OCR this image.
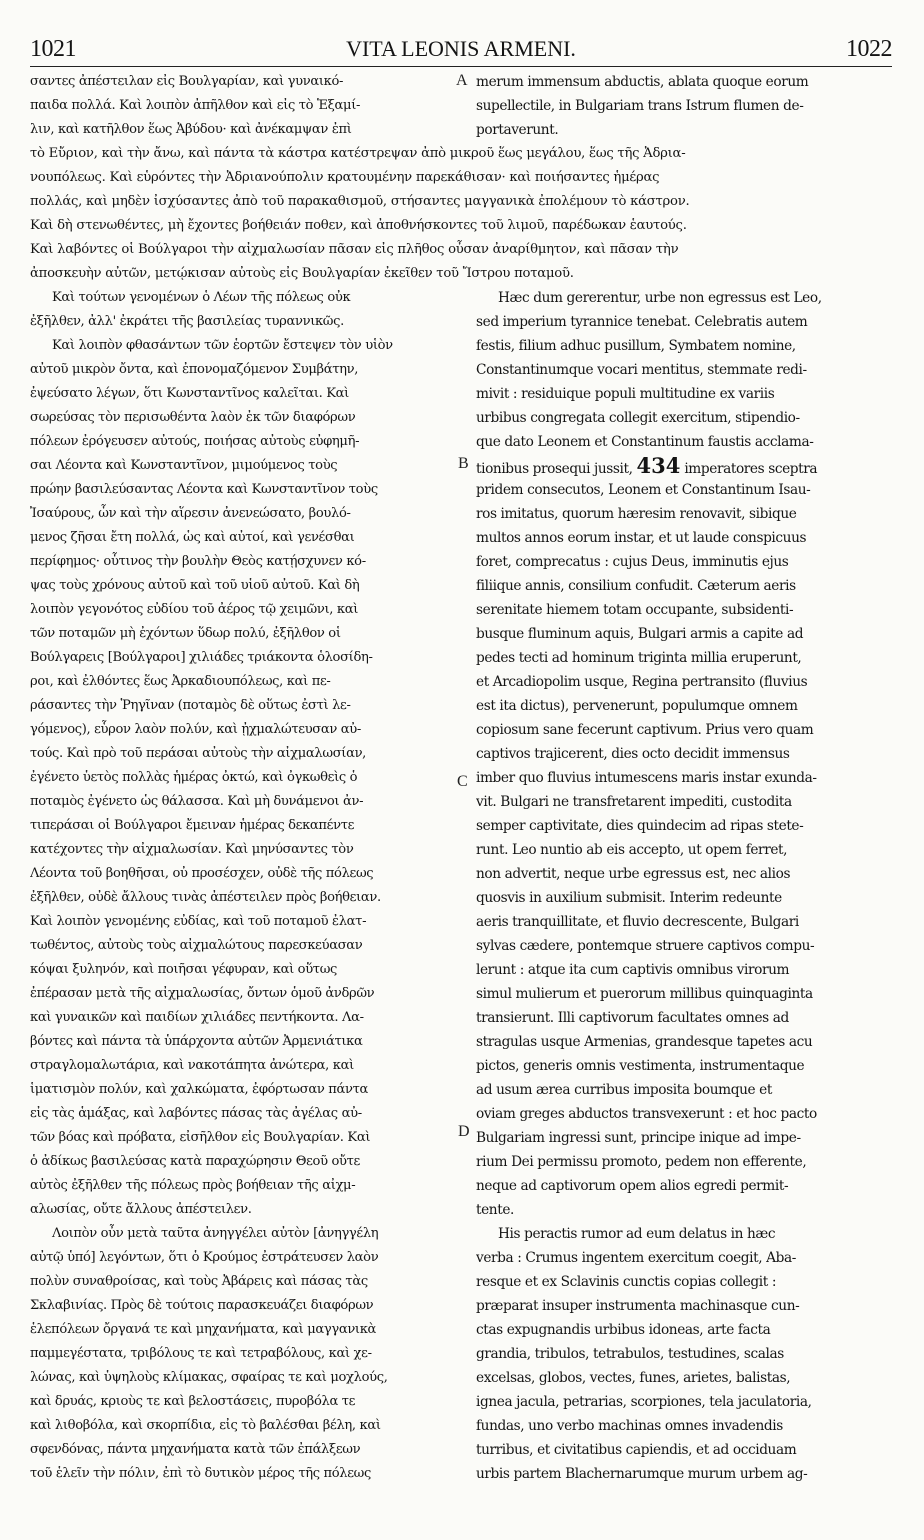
1021	VITA LEONIS ARMENI.	1022
σαντες ἀπέστειλαν εἰς Βουλγαρίαν, καὶ γυναικό-
παιδα πολλά. Καὶ λοιπὸν ἀπῆλθον καὶ εἰς τὸ Ἑξαμί-
λιν, καὶ κατῆλθον ἕως Ἀβύδου· καὶ ἀνέκαμψαν ἐπὶ
merum immensum abductis, ablata quoque eorum
supellectile, in Bulgariam trans Istrum flumen de-
portaverunt.
τὸ Εὔριον, καὶ τὴν ἄνω, καὶ πάντα τὰ κάστρα κατέστρεψαν ἀπὸ μικροῦ ἕως μεγάλου, ἕως τῆς Ἀδρια-
νουπόλεως. Καὶ εὑρόντες τὴν Ἀδριανούπολιν κρατουμένην παρεκάθισαν· καὶ ποιήσαντες ἡμέρας
πολλάς, καὶ μηδὲν ἰσχύσαντες ἀπὸ τοῦ παρακαθισμοῦ, στήσαντες μαγγανικὰ ἐπολέμουν τὸ κάστρον.
Καὶ δὴ στενωθέντες, μὴ ἔχοντες βοήθειάν ποθεν, καὶ ἀποθνήσκοντες τοῦ λιμοῦ, παρέδωκαν ἑαυτούς.
Καὶ λαβόντες οἱ Βούλγαροι τὴν αἰχμαλωσίαν πᾶσαν εἰς πλῆθος οὖσαν ἀναρίθμητον, καὶ πᾶσαν τὴν
ἀποσκευὴν αὐτῶν, μετῴκισαν αὐτοὺς εἰς Βουλγαρίαν ἐκεῖθεν τοῦ Ἴστρου ποταμοῦ.
Καὶ τούτων γενομένων ὁ Λέων τῆς πόλεως οὐκ
ἐξῆλθεν, ἀλλ' ἐκράτει τῆς βασιλείας τυραννικῶς.
Καὶ λοιπὸν φθασάντων τῶν ἑορτῶν ἔστεψεν τὸν υἱὸν
αὐτοῦ μικρὸν ὄντα, καὶ ἐπονομαζόμενον Συμβάτην,
ἐψεύσατο λέγων, ὅτι Κωνσταντῖνος καλεῖται. Καὶ
σωρεύσας τὸν περισωθέντα λαὸν ἐκ τῶν διαφόρων
πόλεων ἐρόγευσεν αὐτούς, ποιήσας αὐτοὺς εὐφημῆ-
σαι Λέοντα καὶ Κωνσταντῖνον, μιμούμενος τοὺς
πρώην βασιλεύσαντας Λέοντα καὶ Κωνσταντῖνον τοὺς
Ἰσαύρους, ὧν καὶ τὴν αἵρεσιν ἀνενεώσατο, βουλό-
μενος ζῆσαι ἔτη πολλά, ὡς καὶ αὐτοί, καὶ γενέσθαι
περίφημος· οὗτινος τὴν βουλὴν Θεὸς κατῄσχυνεν κό-
ψας τοὺς χρόνους αὐτοῦ καὶ τοῦ υἱοῦ αὐτοῦ. Καὶ δὴ
λοιπὸν γεγονότος εὐδίου τοῦ ἀέρος τῷ χειμῶνι, καὶ
τῶν ποταμῶν μὴ ἐχόντων ὕδωρ πολύ, ἐξῆλθον οἱ
Βούλγαρεις [Βούλγαροι] χιλιάδες τριάκοντα ὁλοσίδη-
ροι, καὶ ἐλθόντες ἕως Ἀρκαδιουπόλεως, καὶ πε-
ράσαντες τὴν Ῥηγῖναν (ποταμὸς δὲ οὕτως ἐστὶ λε-
γόμενος), εὗρον λαὸν πολύν, καὶ ᾐχμαλώτευσαν αὐ-
τούς. Καὶ πρὸ τοῦ περάσαι αὐτοὺς τὴν αἰχμαλωσίαν,
ἐγένετο ὑετὸς πολλὰς ἡμέρας ὀκτώ, καὶ ὀγκωθεὶς ὁ
ποταμὸς ἐγένετο ὡς θάλασσα. Καὶ μὴ δυνάμενοι ἀν-
τιπεράσαι οἱ Βούλγαροι ἔμειναν ἡμέρας δεκαπέντε
κατέχοντες τὴν αἰχμαλωσίαν. Καὶ μηνύσαντες τὸν
Λέοντα τοῦ βοηθῆσαι, οὐ προσέσχεν, οὐδὲ τῆς πόλεως
ἐξῆλθεν, οὐδὲ ἄλλους τινὰς ἀπέστειλεν πρὸς βοήθειαν.
Καὶ λοιπὸν γενομένης εὐδίας, καὶ τοῦ ποταμοῦ ἐλατ-
τωθέντος, αὐτοὺς τοὺς αἰχμαλώτους παρεσκεύασαν
κόψαι ξυληνόν, καὶ ποιῆσαι γέφυραν, καὶ οὕτως
ἐπέρασαν μετὰ τῆς αἰχμαλωσίας, ὄντων ὁμοῦ ἀνδρῶν
καὶ γυναικῶν καὶ παιδίων χιλιάδες πεντήκοντα. Λα-
βόντες καὶ πάντα τὰ ὑπάρχοντα αὐτῶν Ἀρμενιάτικα
στραγλομαλωτάρια, καὶ νακοτάπητα ἀνώτερα, καὶ
ἱματισμὸν πολύν, καὶ χαλκώματα, ἐφόρτωσαν πάντα
εἰς τὰς ἁμάξας, καὶ λαβόντες πάσας τὰς ἀγέλας αὐ-
τῶν βόας καὶ πρόβατα, εἰσῆλθον εἰς Βουλγαρίαν. Καὶ
ὁ ἀδίκως βασιλεύσας κατὰ παραχώρησιν Θεοῦ οὔτε
αὐτὸς ἐξῆλθεν τῆς πόλεως πρὸς βοήθειαν τῆς αἰχμ-
αλωσίας, οὔτε ἄλλους ἀπέστειλεν.
Λοιπὸν οὖν μετὰ ταῦτα ἀνηγγέλει αὐτὸν [ἀνηγγέλη
αὐτῷ ὑπό] λεγόντων, ὅτι ὁ Κρούμος ἐστράτευσεν λαὸν
πολὺν συναθροίσας, καὶ τοὺς Ἀβάρεις καὶ πάσας τὰς
Σκλαβινίας. Πρὸς δὲ τούτοις παρασκευάζει διαφόρων
ἑλεπόλεων ὄργανά τε καὶ μηχανήματα, καὶ μαγγανικὰ
παμμεγέστατα, τριβόλους τε καὶ τετραβόλους, καὶ χε-
λώνας, καὶ ὑψηλοὺς κλίμακας, σφαίρας τε καὶ μοχλούς,
καὶ δρυάς, κριοὺς τε καὶ βελοστάσεις, πυροβόλα τε
καὶ λιθοβόλα, καὶ σκορπίδια, εἰς τὸ βαλέσθαι βέλη, καὶ
σφενδόνας, πάντα μηχανήματα κατὰ τῶν ἐπάλξεων
τοῦ ἑλεῖν τὴν πόλιν, ἐπὶ τὸ δυτικὸν μέρος τῆς πόλεως
Hæc dum gererentur, urbe non egressus est Leo,
sed imperium tyrannice tenebat. Celebratis autem
festis, filium adhuc pusillum, Symbatem nomine,
Constantinumque vocari mentitus, stemmate redi-
mivit : residuique populi multitudine ex variis
urbibus congregata collegit exercitum, stipendio-
que dato Leonem et Constantinum faustis acclama-
tionibus prosequi jussit, 434 imperatores sceptra
pridem consecutos, Leonem et Constantinum Isau-
ros imitatus, quorum hæresim renovavit, sibique
multos annos eorum instar, et ut laude conspicuus
foret, comprecatus : cujus Deus, imminutis ejus
filiique annis, consilium confudit. Cæterum aeris
serenitate hiemem totam occupante, subsidenti-
busque fluminum aquis, Bulgari armis a capite ad
pedes tecti ad hominum triginta millia eruperunt,
et Arcadiopolim usque, Regina pertransito (fluvius
est ita dictus), pervenerunt, populumque omnem
copiosum sane fecerunt captivum. Prius vero quam
captivos trajicerent, dies octo decidit immensus
imber quo fluvius intumescens maris instar exunda-
vit. Bulgari ne transfretarent impediti, custodita
semper captivitate, dies quindecim ad ripas stete-
runt. Leo nuntio ab eis accepto, ut opem ferret,
non advertit, neque urbe egressus est, nec alios
quosvis in auxilium submisit. Interim redeunte
aeris tranquillitate, et fluvio decrescente, Bulgari
sylvas cædere, pontemque struere captivos compu-
lerunt : atque ita cum captivis omnibus virorum
simul mulierum et puerorum millibus quinquaginta
transierunt. Illi captivorum facultates omnes ad
stragulas usque Armenias, grandesque tapetes acu
pictos, generis omnis vestimenta, instrumentaque
ad usum ærea curribus imposita boumque et
oviam greges abductos transvexerunt : et hoc pacto
Bulgariam ingressi sunt, principe inique ad impe-
rium Dei permissu promoto, pedem non efferente,
neque ad captivorum opem alios egredi permit-
tente.
His peractis rumor ad eum delatus in hæc
verba : Crumus ingentem exercitum coegit, Aba-
resque et ex Sclavinis cunctis copias collegit :
præparat insuper instrumenta machinasque cun-
ctas expugnandis urbibus idoneas, arte facta
grandia, tribulos, tetrabulos, testudines, scalas
excelsas, globos, vectes, funes, arietes, balistas,
ignea jacula, petrarias, scorpiones, tela jaculatoria,
fundas, uno verbo machinas omnes invadendis
turribus, et civitatibus capiendis, et ad occiduam
urbis partem Blachernarumque murum urbem ag-
A
B
C
D
